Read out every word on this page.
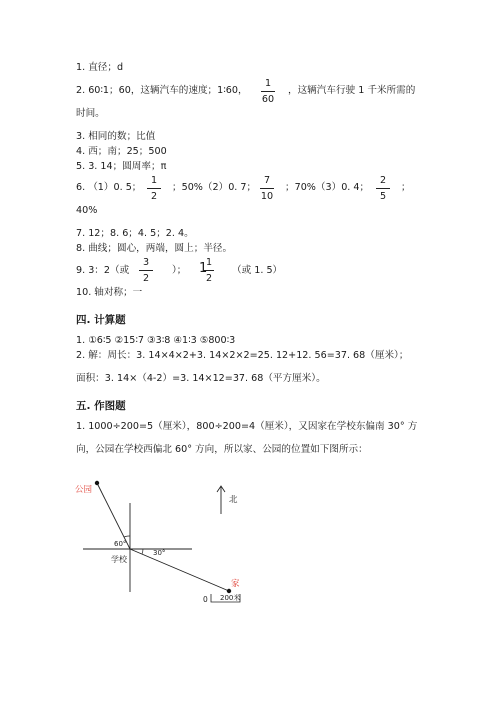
1. 直径；d
2. 60∶1；60，这辆汽车的速度；1∶60，
1
60
，这辆汽车行驶 1 千米所需的
时间。
3. 相同的数；比值
4. 西；南；25；500
5. 3. 14；圆周率；π
6. （1）0. 5；
1
2
；50%（2）0. 7；
7
10
；70%（3）0. 4；
2
5
；
40%
7. 12；8. 6；4. 5；2. 4。
8. 曲线；圆心，两端，圆上；半径。
9. 3：2（或
3
2
）； 1
1
2
（或 1. 5）
10. 轴对称；一
四. 计算题
1. ①6∶5 ②15∶7 ③3∶8 ④1∶3 ⑤800∶3
2. 解：周长：3. 14×4×2+3. 14×2×2=25. 12+12. 56=37. 68（厘米）；
面积：3. 14×（4-2）=3. 14×12=37. 68（平方厘米）。
五. 作图题
1. 1000÷200=5（厘米），800÷200=4（厘米），又因家在学校东偏南 30° 方
向，公园在学校西偏北 60° 方向，所以家、公园的位置如下图所示：
公园
北
60°
30°
学校
家
0 200米
